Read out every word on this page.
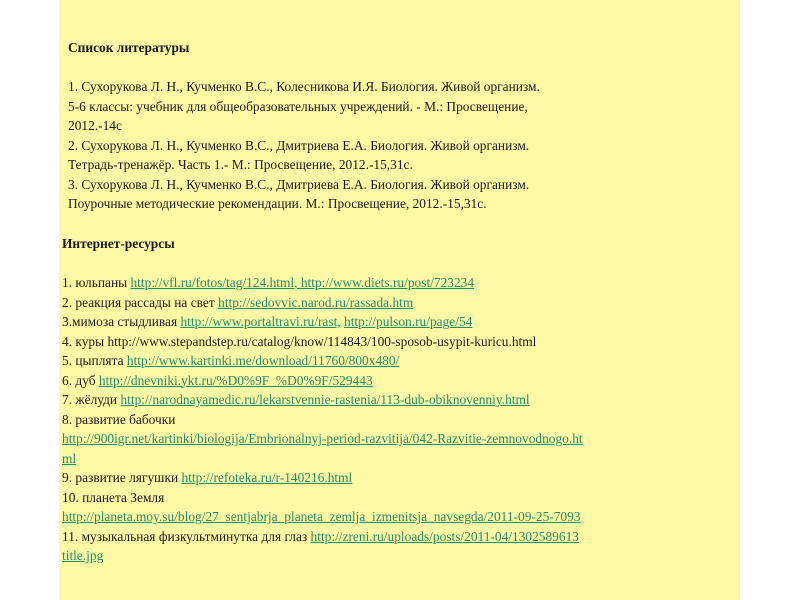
Список литературы
1. Сухорукова Л. Н., Кучменко В.С., Колесникова И.Я. Биология. Живой организм.
5-6 классы: учебник для общеобразовательных учреждений. - М.: Просвещение,
2012.-14с
2. Сухорукова Л. Н., Кучменко В.С., Дмитриева Е.А. Биология. Живой организм.
Тетрадь-тренажёр. Часть 1.- М.: Просвещение, 2012.-15,31с.
3. Сухорукова Л. Н., Кучменко В.С., Дмитриева Е.А. Биология. Живой организм.
Поурочные методические рекомендации. М.: Просвещение, 2012.-15,31с.
Интернет-ресурсы
1. юльпаны http://vfl.ru/fotos/tag/124.html, http://www.diets.ru/post/723234
2. реакция рассады на свет http://sedovvic.narod.ru/rassada.htm
3.мимоза стыдливая http://www.portaltravi.ru/rast, http://pulson.ru/page/54
4. куры http://www.stepandstep.ru/catalog/know/114843/100-sposob-usypit-kuricu.html
5. цыплята http://www.kartinki.me/download/11760/800x480/
6. дуб http://dnevniki.ykt.ru/%D0%9F_%D0%9F/529443
7. жёлуди http://narodnayamedic.ru/lekarstvennie-rastenia/113-dub-obiknovenniy.html
8. развитие бабочки
http://900igr.net/kartinki/biologija/Embrionalnyj-period-razvitija/042-Razvitie-zemnovodnogo.ht
ml
9. развитие лягушки http://refoteka.ru/r-140216.html
10. планета Земля
http://planeta.moy.su/blog/27_sentjabrja_planeta_zemlja_izmenitsja_navsegda/2011-09-25-7093
11. музыкальная физкультминутка для глаз http://zreni.ru/uploads/posts/2011-04/1302589613
title.jpg
